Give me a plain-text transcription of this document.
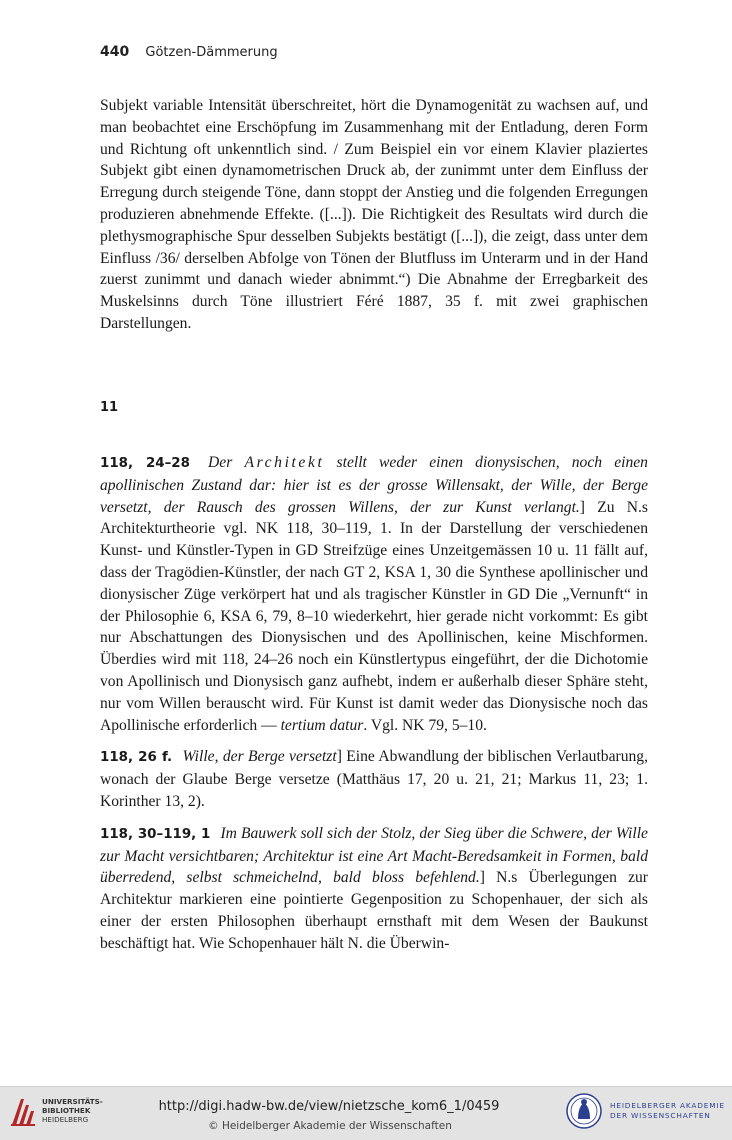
440 Götzen-Dämmerung
Subjekt variable Intensität überschreitet, hört die Dynamogenität zu wachsen auf, und man beobachtet eine Erschöpfung im Zusammenhang mit der Entladung, deren Form und Richtung oft unkenntlich sind. / Zum Beispiel ein vor einem Klavier plaziertes Subjekt gibt einen dynamometrischen Druck ab, der zunimmt unter dem Einfluss der Erregung durch steigende Töne, dann stoppt der Anstieg und die folgenden Erregungen produzieren abnehmende Effekte. ([...]). Die Richtigkeit des Resultats wird durch die plethysmographische Spur desselben Subjekts bestätigt ([...]), die zeigt, dass unter dem Einfluss /36/ derselben Abfolge von Tönen der Blutfluss im Unterarm und in der Hand zuerst zunimmt und danach wieder abnimmt.“) Die Abnahme der Erregbarkeit des Muskelsinns durch Töne illustriert Féré 1887, 35 f. mit zwei graphischen Darstellungen.
11

118, 24–28 Der Architekt stellt weder einen dionysischen, noch einen apollinischen Zustand dar: hier ist es der grosse Willensakt, der Wille, der Berge versetzt, der Rausch des grossen Willens, der zur Kunst verlangt.] Zu N.s Architekturtheorie vgl. NK 118, 30–119, 1. In der Darstellung der verschiedenen Kunst- und Künstler-Typen in GD Streifzüge eines Unzeitgemässen 10 u. 11 fällt auf, dass der Tragödien-Künstler, der nach GT 2, KSA 1, 30 die Synthese apollinischer und dionysischer Züge verkörpert hat und als tragischer Künstler in GD Die „Vernunft“ in der Philosophie 6, KSA 6, 79, 8–10 wiederkehrt, hier gerade nicht vorkommt: Es gibt nur Abschattungen des Dionysischen und des Apollinischen, keine Mischformen. Überdies wird mit 118, 24–26 noch ein Künstlertypus eingeführt, der die Dichotomie von Apollinisch und Dionysisch ganz aufhebt, indem er außerhalb dieser Sphäre steht, nur vom Willen berauscht wird. Für Kunst ist damit weder das Dionysische noch das Apollinische erforderlich — tertium datur. Vgl. NK 79, 5–10.

118, 26 f. Wille, der Berge versetzt] Eine Abwandlung der biblischen Verlautbarung, wonach der Glaube Berge versetze (Matthäus 17, 20 u. 21, 21; Markus 11, 23; 1. Korinther 13, 2).

118, 30–119, 1 Im Bauwerk soll sich der Stolz, der Sieg über die Schwere, der Wille zur Macht versichtbaren; Architektur ist eine Art Macht-Beredsamkeit in Formen, bald überredend, selbst schmeichelnd, bald bloss befehlend.] N.s Überlegungen zur Architektur markieren eine pointierte Gegenposition zu Schopenhauer, der sich als einer der ersten Philosophen überhaupt ernsthaft mit dem Wesen der Baukunst beschäftigt hat. Wie Schopenhauer hält N. die Überwin-

UNIVERSITÄTS-
BIBLIOTHEK
HEIDELBERG
http://digi.hadw-bw.de/view/nietzsche_kom6_1/0459
© Heidelberger Akademie der Wissenschaften
HEIDELBERGER AKADEMIE
DER WISSENSCHAFTEN
